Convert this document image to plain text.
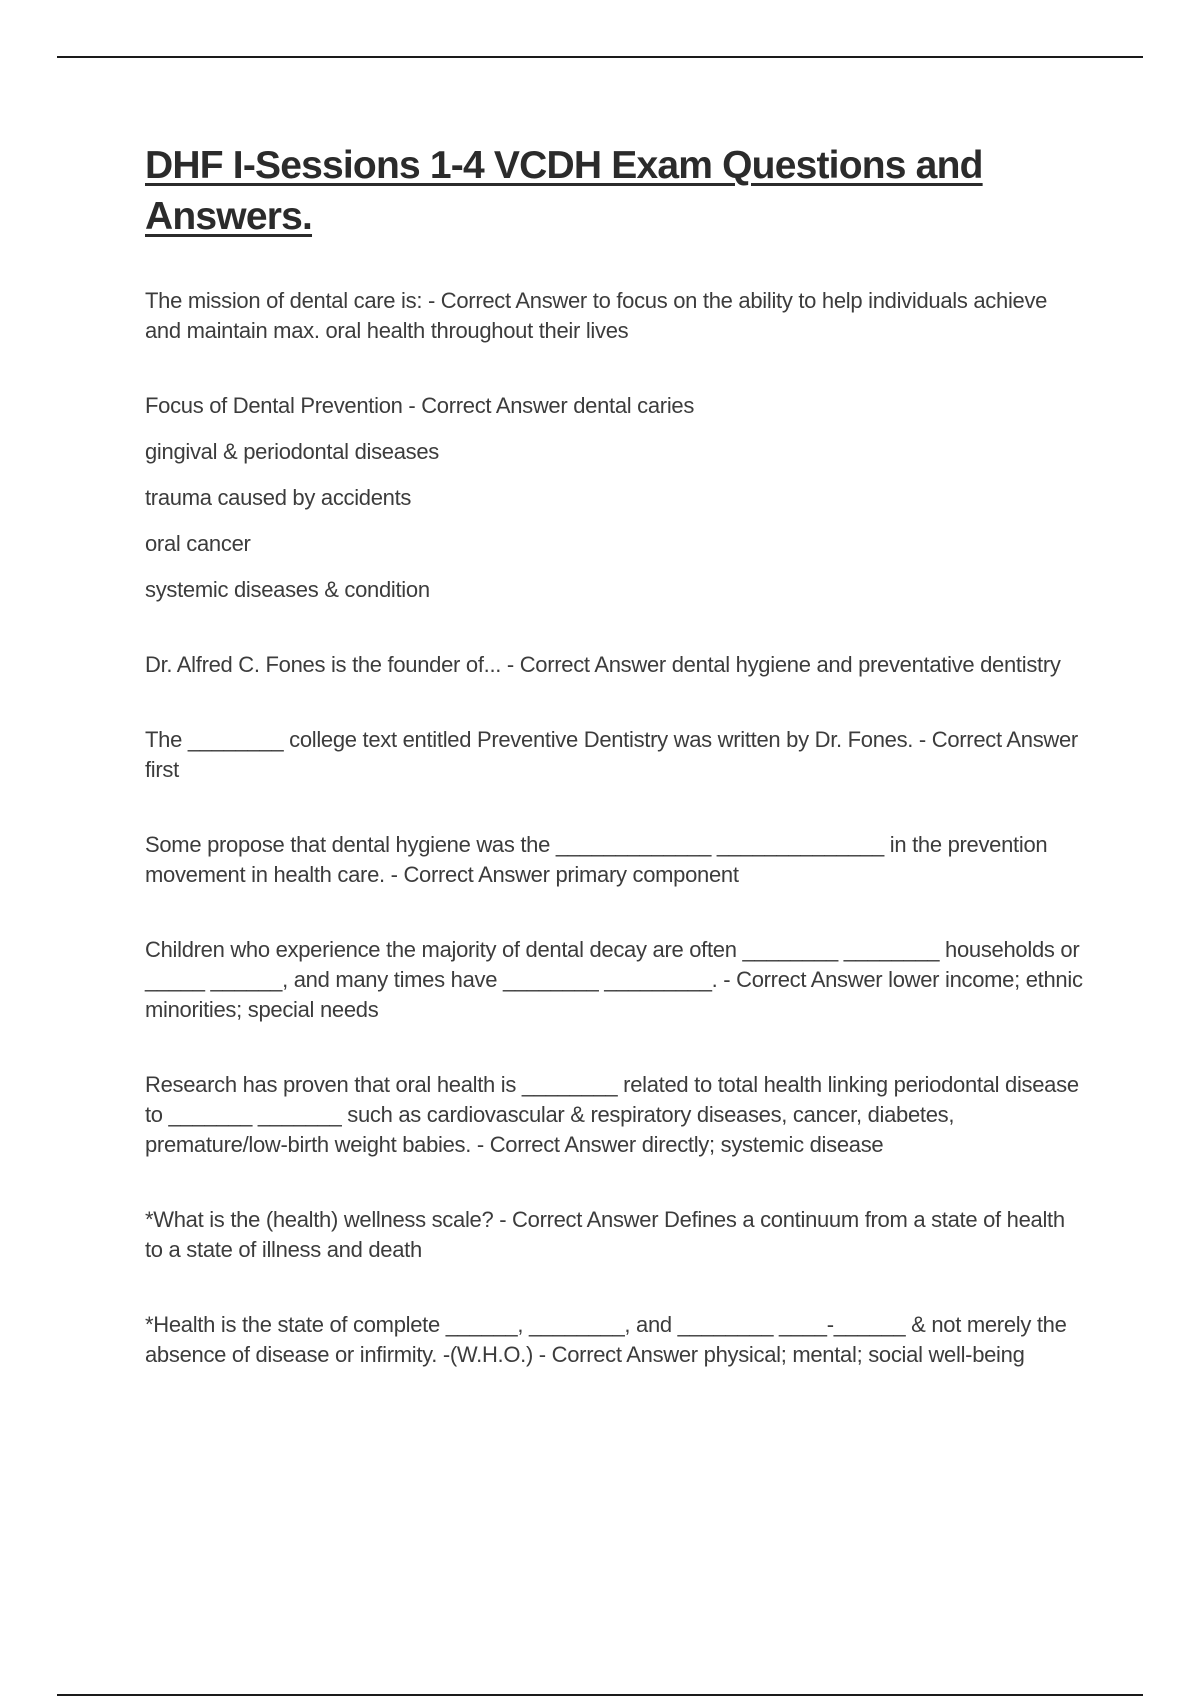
DHF I-Sessions 1-4 VCDH Exam Questions and
Answers.

The mission of dental care is: - Correct Answer to focus on the ability to help individuals achieve and maintain max. oral health throughout their lives

Focus of Dental Prevention - Correct Answer dental caries
gingival & periodontal diseases
trauma caused by accidents
oral cancer
systemic diseases & condition

Dr. Alfred C. Fones is the founder of... - Correct Answer dental hygiene and preventative dentistry

The ________ college text entitled Preventive Dentistry was written by Dr. Fones. - Correct Answer first

Some propose that dental hygiene was the _____________ ______________ in the prevention movement in health care. - Correct Answer primary component

Children who experience the majority of dental decay are often ________ ________ households or _____ ______, and many times have ________ _________. - Correct Answer lower income; ethnic minorities; special needs

Research has proven that oral health is ________ related to total health linking periodontal disease to _______ _______ such as cardiovascular & respiratory diseases, cancer, diabetes, premature/low-birth weight babies. - Correct Answer directly; systemic disease

*What is the (health) wellness scale? - Correct Answer Defines a continuum from a state of health to a state of illness and death

*Health is the state of complete ______, ________, and ________ ____-______ & not merely the absence of disease or infirmity. -(W.H.O.) - Correct Answer physical; mental; social well-being
